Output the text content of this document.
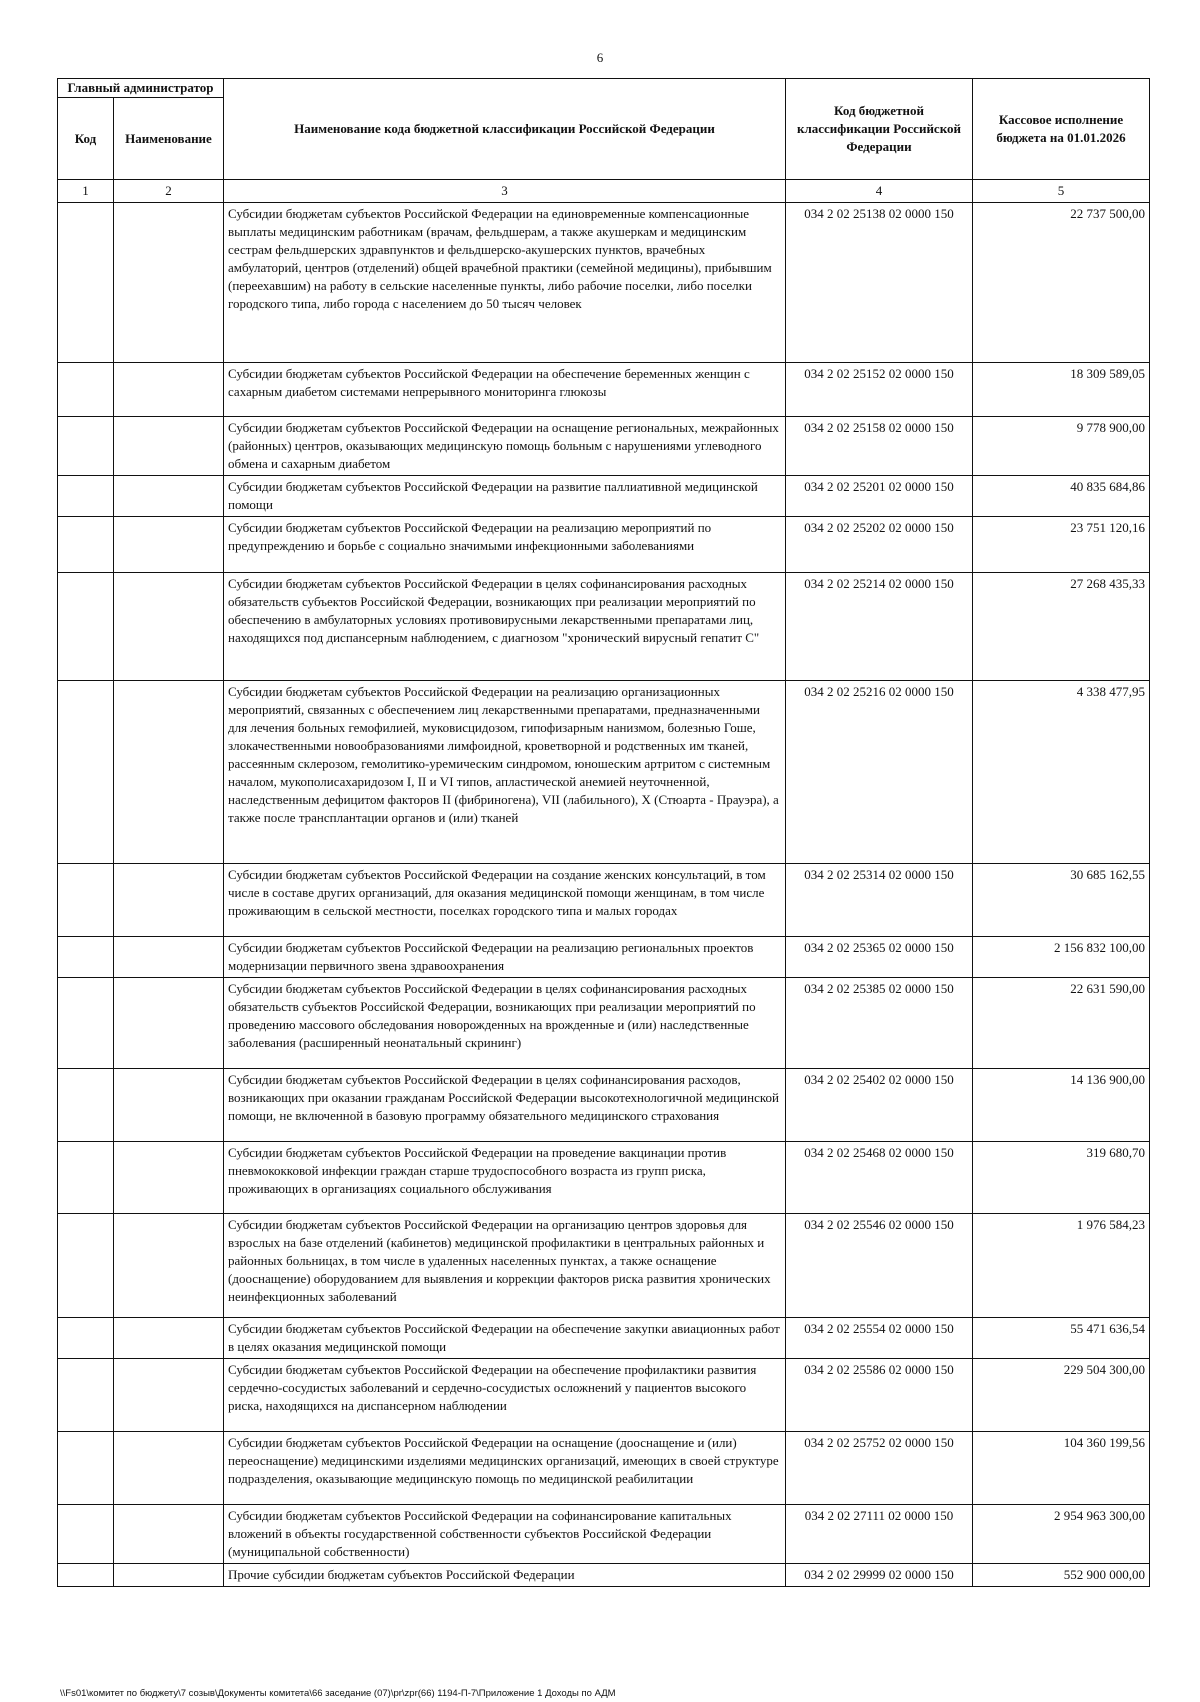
6
Главный администратор		Наименование кода бюджетной классификации Российской Федерации	Код бюджетной классификации Российской Федерации	Кассовое исполнение бюджета на 01.01.2026
Код	Наименование			
1	2	3	4	5
		Субсидии бюджетам субъектов Российской Федерации на единовременные компенсационные выплаты медицинским работникам (врачам, фельдшерам, а также акушеркам и медицинским сестрам фельдшерских здравпунктов и фельдшерско-акушерских пунктов, врачебных амбулаторий, центров (отделений) общей врачебной практики (семейной медицины), прибывшим (переехавшим) на работу в сельские населенные пункты, либо рабочие поселки, либо поселки городского типа, либо города с населением до 50 тысяч человек	034 2 02 25138 02 0000 150	22 737 500,00
		Субсидии бюджетам субъектов Российской Федерации на обеспечение беременных женщин с сахарным диабетом системами непрерывного мониторинга глюкозы	034 2 02 25152 02 0000 150	18 309 589,05
		Субсидии бюджетам субъектов Российской Федерации на оснащение региональных, межрайонных (районных) центров, оказывающих медицинскую помощь больным с нарушениями углеводного обмена и сахарным диабетом	034 2 02 25158 02 0000 150	9 778 900,00
		Субсидии бюджетам субъектов Российской Федерации на развитие паллиативной медицинской помощи	034 2 02 25201 02 0000 150	40 835 684,86
		Субсидии бюджетам субъектов Российской Федерации на реализацию мероприятий по предупреждению и борьбе с социально значимыми инфекционными заболеваниями	034 2 02 25202 02 0000 150	23 751 120,16
		Субсидии бюджетам субъектов Российской Федерации в целях софинансирования расходных обязательств субъектов Российской Федерации, возникающих при реализации мероприятий по обеспечению в амбулаторных условиях противовирусными лекарственными препаратами лиц, находящихся под диспансерным наблюдением, с диагнозом "хронический вирусный гепатит С"	034 2 02 25214 02 0000 150	27 268 435,33
		Субсидии бюджетам субъектов Российской Федерации на реализацию организационных мероприятий, связанных с обеспечением лиц лекарственными препаратами, предназначенными для лечения больных гемофилией, муковисцидозом, гипофизарным нанизмом, болезнью Гоше, злокачественными новообразованиями лимфоидной, кроветворной и родственных им тканей, рассеянным склерозом, гемолитико-уремическим синдромом, юношеским артритом с системным началом, мукополисахаридозом I, II и VI типов, апластической анемией неуточненной, наследственным дефицитом факторов II (фибриногена), VII (лабильного), X (Стюарта - Прауэра), а также после трансплантации органов и (или) тканей	034 2 02 25216 02 0000 150	4 338 477,95
		Субсидии бюджетам субъектов Российской Федерации на создание женских консультаций, в том числе в составе других организаций, для оказания медицинской помощи женщинам, в том числе проживающим в сельской местности, поселках городского типа и малых городах	034 2 02 25314 02 0000 150	30 685 162,55
		Субсидии бюджетам субъектов Российской Федерации на реализацию региональных проектов модернизации первичного звена здравоохранения	034 2 02 25365 02 0000 150	2 156 832 100,00
		Субсидии бюджетам субъектов Российской Федерации в целях софинансирования расходных обязательств субъектов Российской Федерации, возникающих при реализации мероприятий по проведению массового обследования новорожденных на врожденные и (или) наследственные заболевания (расширенный неонатальный скрининг)	034 2 02 25385 02 0000 150	22 631 590,00
		Субсидии бюджетам субъектов Российской Федерации в целях софинансирования расходов, возникающих при оказании гражданам Российской Федерации высокотехнологичной медицинской помощи, не включенной в базовую программу обязательного медицинского страхования	034 2 02 25402 02 0000 150	14 136 900,00
		Субсидии бюджетам субъектов Российской Федерации на проведение вакцинации против пневмококковой инфекции граждан старше трудоспособного возраста из групп риска, проживающих в организациях социального обслуживания	034 2 02 25468 02 0000 150	319 680,70
		Субсидии бюджетам субъектов Российской Федерации на организацию центров здоровья для взрослых на базе отделений (кабинетов) медицинской профилактики в центральных районных и районных больницах, в том числе в удаленных населенных пунктах, а также оснащение (дооснащение) оборудованием для выявления и коррекции факторов риска развития хронических неинфекционных заболеваний	034 2 02 25546 02 0000 150	1 976 584,23
		Субсидии бюджетам субъектов Российской Федерации на обеспечение закупки авиационных работ в целях оказания медицинской помощи	034 2 02 25554 02 0000 150	55 471 636,54
		Субсидии бюджетам субъектов Российской Федерации на обеспечение профилактики развития сердечно-сосудистых заболеваний и сердечно-сосудистых осложнений у пациентов высокого риска, находящихся на диспансерном наблюдении	034 2 02 25586 02 0000 150	229 504 300,00
		Субсидии бюджетам субъектов Российской Федерации на оснащение (дооснащение и (или) переоснащение) медицинскими изделиями медицинских организаций, имеющих в своей структуре подразделения, оказывающие медицинскую помощь по медицинской реабилитации	034 2 02 25752 02 0000 150	104 360 199,56
		Субсидии бюджетам субъектов Российской Федерации на софинансирование капитальных вложений в объекты государственной собственности субъектов Российской Федерации (муниципальной собственности)	034 2 02 27111 02 0000 150	2 954 963 300,00
		Прочие субсидии бюджетам субъектов Российской Федерации	034 2 02 29999 02 0000 150	552 900 000,00
\\Fs01\комитет по бюджету\7 созыв\Документы комитета\66 заседание (07)\pr\zpr(66) 1194-П-7\Приложение 1 Доходы по АДМ
